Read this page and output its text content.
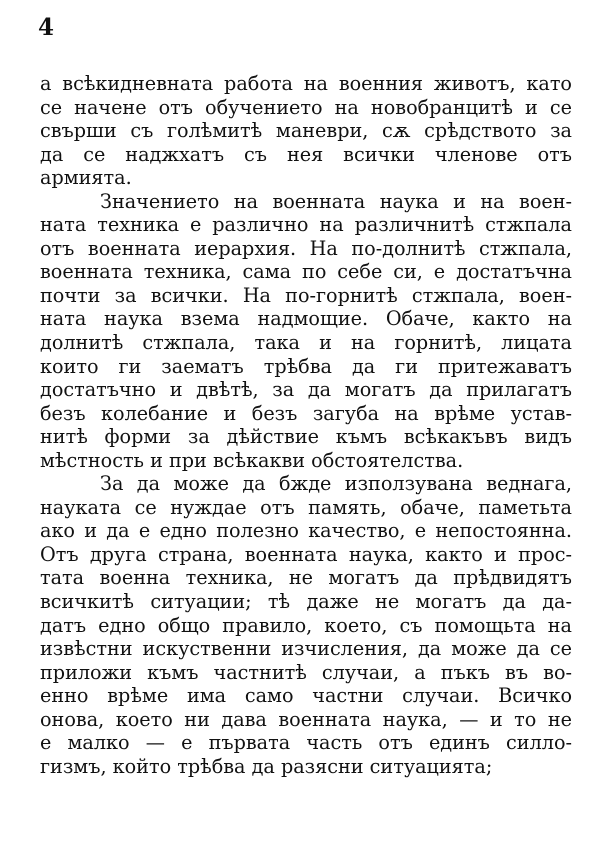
4
а всѣкидневната работа на военния животъ, като
се начене отъ обучението на новобранцитѣ и се
свърши съ голѣмитѣ маневри, сѫ срѣдството за
да се наджхатъ съ нея всички членове отъ
армията.
Значението на военната наука и на воен-
ната техника е различно на различнитѣ стжпала
отъ военната иерархия. На по-долнитѣ стжпала,
военната техника, сама по себе си, е достатъчна
почти за всички. На по-горнитѣ стжпала, воен-
ната наука взема надмощие. Обаче, както на
долнитѣ стжпала, така и на горнитѣ, лицата
които ги заематъ трѣбва да ги притежаватъ
достатъчно и двѣтѣ, за да могатъ да прилагатъ
безъ колебание и безъ загуба на врѣме устав-
нитѣ форми за дѣйствие къмъ всѣкакъвъ видъ
мѣстность и при всѣкакви обстоятелства.
За да може да бжде използувана веднага,
науката се нуждае отъ память, обаче, паметьта
ако и да е едно полезно качество, е непостоянна.
Отъ друга страна, военната наука, както и прос-
тата военна техника, не могатъ да прѣдвидятъ
всичкитѣ ситуации; тѣ даже не могатъ да да-
датъ едно общо правило, което, съ помощьта на
извѣстни искуственни изчисления, да може да се
приложи къмъ частнитѣ случаи, а пъкъ въ во-
енно врѣме има само частни случаи. Всичко
онова, което ни дава военната наука, — и то не
е малко — е първата часть отъ единъ силло-
гизмъ, който трѣбва да разясни ситуацията;
